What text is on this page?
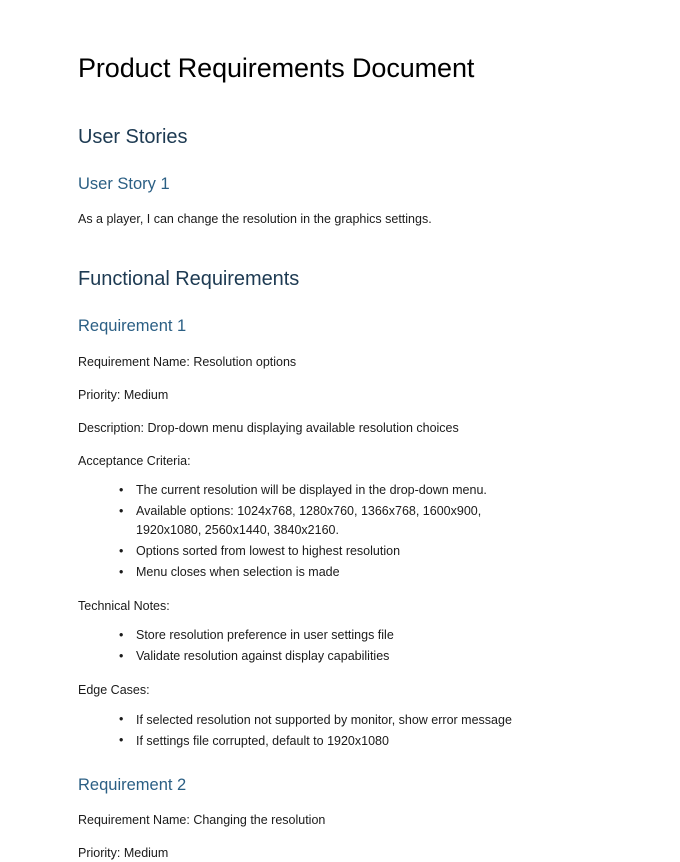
Product Requirements Document
User Stories
User Story 1

As a player, I can change the resolution in the graphics settings.

Functional Requirements
Requirement 1

Requirement Name: Resolution options

Priority: Medium

Description: Drop-down menu displaying available resolution choices

Acceptance Criteria:

• The current resolution will be displayed in the drop-down menu.
• Available options: 1024x768, 1280x760, 1366x768, 1600x900, 1920x1080, 2560x1440, 3840x2160.
• Options sorted from lowest to highest resolution
• Menu closes when selection is made

Technical Notes:

• Store resolution preference in user settings file
• Validate resolution against display capabilities

Edge Cases:

• If selected resolution not supported by monitor, show error message
• If settings file corrupted, default to 1920x1080
Requirement 2

Requirement Name: Changing the resolution

Priority: Medium
